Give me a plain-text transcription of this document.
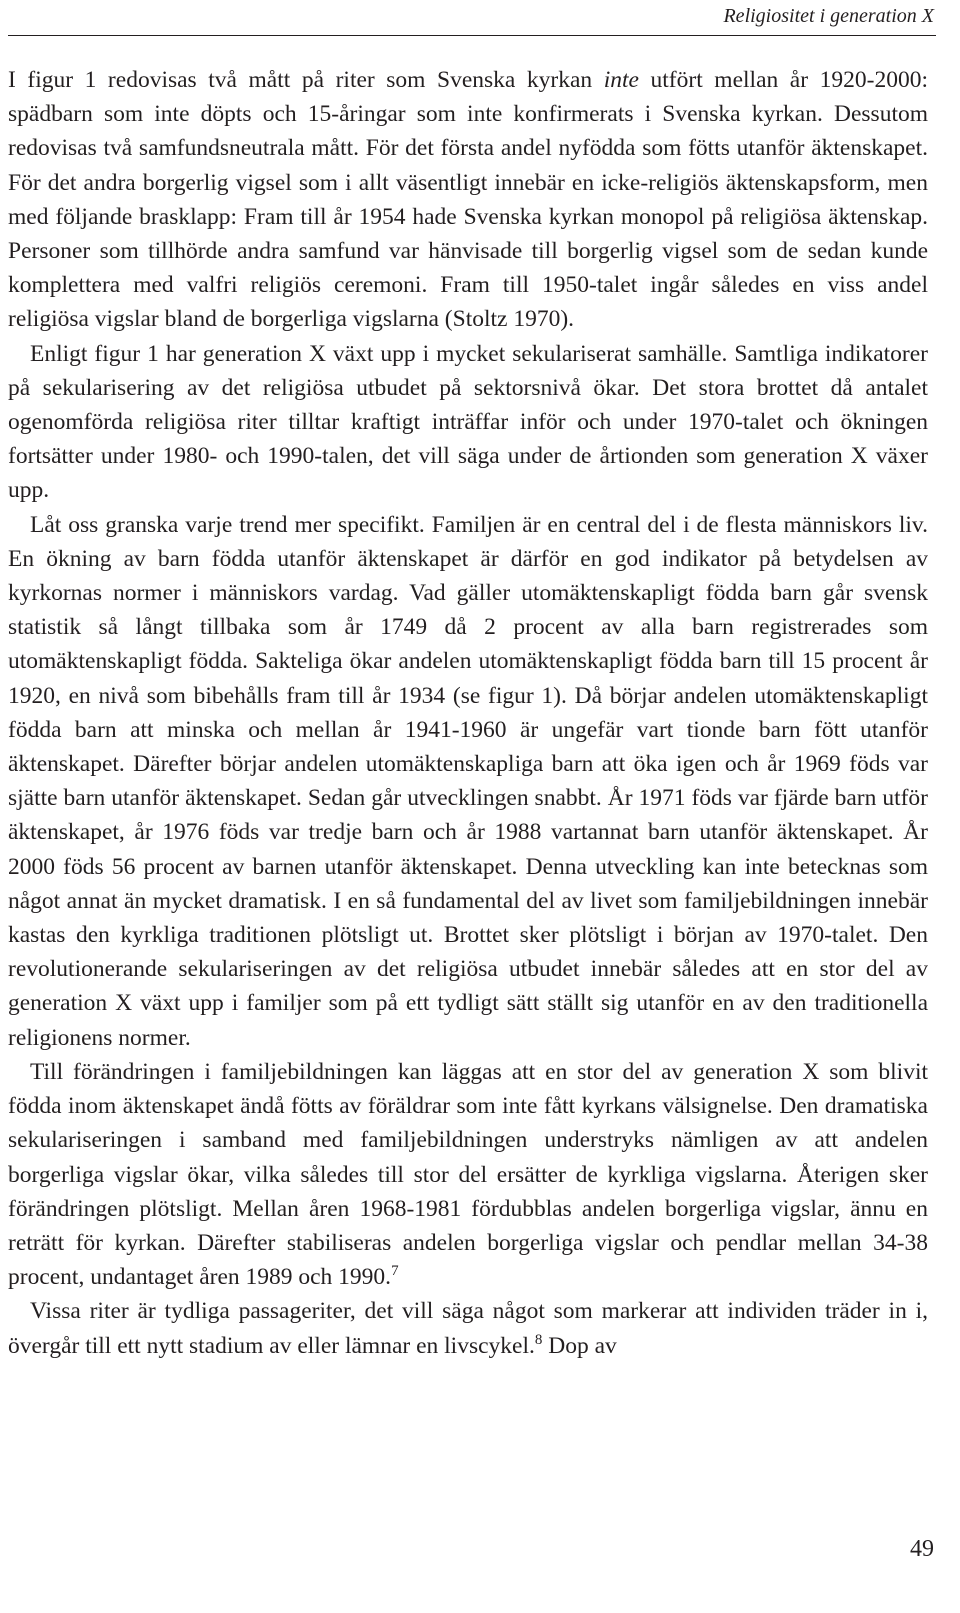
Religiositet i generation X

I figur 1 redovisas två mått på riter som Svenska kyrkan inte utfört mellan år 1920-2000: spädbarn som inte döpts och 15-åringar som inte konfirmerats i Svenska kyrkan. Dessutom redovisas två samfundsneutrala mått. För det första andel nyfödda som fötts utanför äktenskapet. För det andra borgerlig vigsel som i allt väsentligt innebär en icke-religiös äktenskapsform, men med följande brasklapp: Fram till år 1954 hade Svenska kyrkan monopol på religiösa äktenskap. Personer som tillhörde andra samfund var hänvisade till borgerlig vigsel som de sedan kunde komplettera med valfri religiös ceremoni. Fram till 1950-talet ingår således en viss andel religiösa vigslar bland de borgerliga vigslarna (Stoltz 1970).

Enligt figur 1 har generation X växt upp i mycket sekulariserat samhälle. Samtliga indikatorer på sekularisering av det religiösa utbudet på sektorsnivå ökar. Det stora brottet då antalet ogenomförda religiösa riter tilltar kraftigt inträffar inför och under 1970-talet och ökningen fortsätter under 1980- och 1990-talen, det vill säga under de årtionden som generation X växer upp.

Låt oss granska varje trend mer specifikt. Familjen är en central del i de flesta människors liv. En ökning av barn födda utanför äktenskapet är därför en god indikator på betydelsen av kyrkornas normer i människors vardag. Vad gäller utomäktenskapligt födda barn går svensk statistik så långt tillbaka som år 1749 då 2 procent av alla barn registrerades som utomäktenskapligt födda. Sakteliga ökar andelen utomäktenskapligt födda barn till 15 procent år 1920, en nivå som bibehålls fram till år 1934 (se figur 1). Då börjar andelen utomäktenskapligt födda barn att minska och mellan år 1941-1960 är ungefär vart tionde barn fött utanför äktenskapet. Därefter börjar andelen utomäktenskapliga barn att öka igen och år 1969 föds var sjätte barn utanför äktenskapet. Sedan går utvecklingen snabbt. År 1971 föds var fjärde barn utför äktenskapet, år 1976 föds var tredje barn och år 1988 vartannat barn utanför äktenskapet. År 2000 föds 56 procent av barnen utanför äktenskapet. Denna utveckling kan inte betecknas som något annat än mycket dramatisk. I en så fundamental del av livet som familjebildningen innebär kastas den kyrkliga traditionen plötsligt ut. Brottet sker plötsligt i början av 1970-talet. Den revolutionerande sekulariseringen av det religiösa utbudet innebär således att en stor del av generation X växt upp i familjer som på ett tydligt sätt ställt sig utanför en av den traditionella religionens normer.

Till förändringen i familjebildningen kan läggas att en stor del av generation X som blivit födda inom äktenskapet ändå fötts av föräldrar som inte fått kyrkans välsignelse. Den dramatiska sekulariseringen i samband med familjebildningen understryks nämligen av att andelen borgerliga vigslar ökar, vilka således till stor del ersätter de kyrkliga vigslarna. Återigen sker förändringen plötsligt. Mellan åren 1968-1981 fördubblas andelen borgerliga vigslar, ännu en reträtt för kyrkan. Därefter stabiliseras andelen borgerliga vigslar och pendlar mellan 34-38 procent, undantaget åren 1989 och 1990.$^7$

Vissa riter är tydliga passageriter, det vill säga något som markerar att individen träder in i, övergår till ett nytt stadium av eller lämnar en livscykel.$^8$ Dop av

49
